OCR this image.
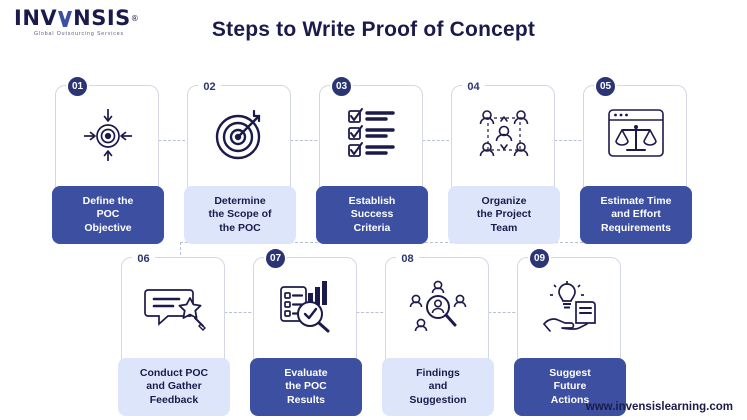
INV NSIS ®
Global Outsourcing Services	Steps to Write Proof of Concept
01
Define the
POC
Objective
02
Determine
the Scope of
the POC
03
Establish
Success
Criteria
04
Organize
the Project
Team
05
Estimate Time
and Effort
Requirements
06
Conduct POC
and Gather
Feedback
07
Evaluate
the POC
Results
08
Findings
and
Suggestion
09
Suggest
Future
Actions
www.invensislearning.com
